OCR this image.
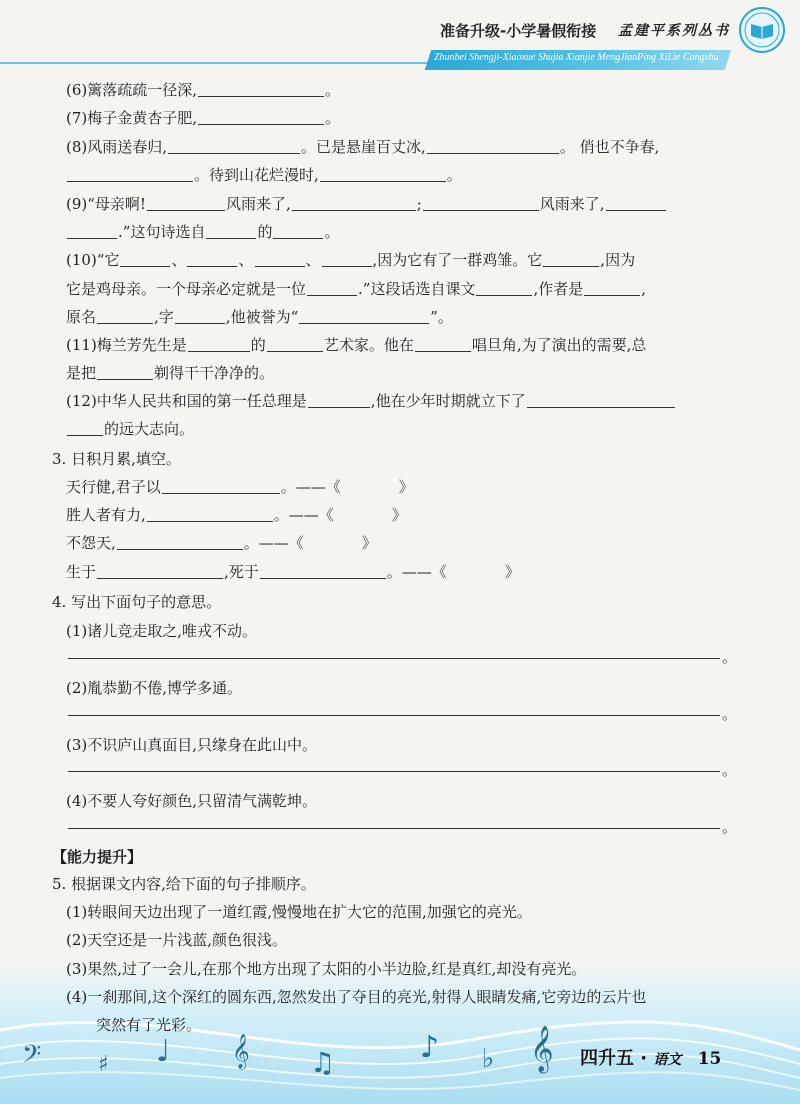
准备升级-小学暑假衔接 孟建平系列丛书
Zhunbei Shengji-Xiaoxue Shujia Xianjie MengJianPing XiLie Congshu
(6)篱落疏疏一径深,	。
(7)梅子金黄杏子肥,	。
(8)风雨送春归,	。已是悬崖百丈冰,	。 俏也不争春,
。待到山花烂漫时,	。
(9)“母亲啊!	风雨来了,	;	风雨来了,
.”这句诗选自	的	。
(10)“它	、	、	、	,因为它有了一群鸡雏。它	,因为
它是鸡母亲。一个母亲必定就是一位	.”这段话选自课文	,作者是	,
原名	,字	,他被誉为“	”。
(11)梅兰芳先生是	的	艺术家。他在	唱旦角,为了演出的需要,总
是把	剃得干干净净的。
(12)中华人民共和国的第一任总理是	,他在少年时期就立下了
的远大志向。
3. 日积月累,填空。
天行健,君子以	。——《	》
胜人者有力,	。——《	》
不怨天,	。——《	》
生于	,死于	。——《	》
4. 写出下面句子的意思。
(1)诸儿竞走取之,唯戎不动。
。
(2)胤恭勤不倦,博学多通。
。
(3)不识庐山真面目,只缘身在此山中。
。
(4)不要人夸好颜色,只留清气满乾坤。
。
【能力提升】
𝄢	♯ ♩ 𝄞 ♫	♪ ♭ 𝄞
5. 根据课文内容,给下面的句子排顺序。
(1)转眼间天边出现了一道红霞,慢慢地在扩大它的范围,加强它的亮光。
(2)天空还是一片浅蓝,颜色很浅。
(3)果然,过了一会儿,在那个地方出现了太阳的小半边脸,红是真红,却没有亮光。
(4)一刹那间,这个深红的圆东西,忽然发出了夺目的亮光,射得人眼睛发痛,它旁边的云片也
突然有了光彩。
四升五 · 语文 15
